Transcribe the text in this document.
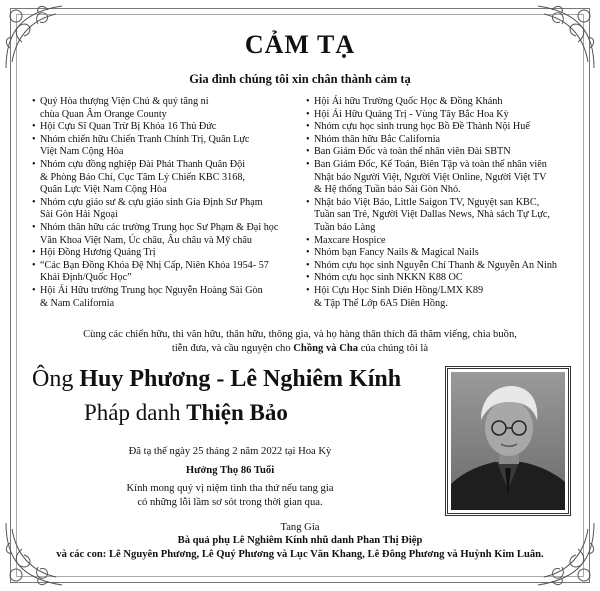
CẢM TẠ
Gia đình chúng tôi xin chân thành cảm tạ
• Quý Hòa thượng Viện Chủ & quý tăng ni
chùa Quan Âm Orange County
• Hội Cựu Sĩ Quan Trừ Bị Khóa 16 Thủ Đức
• Nhóm chiến hữu Chiến Tranh Chính Trị, Quân Lực
Việt Nam Cộng Hòa
• Nhóm cựu đồng nghiệp Đài Phát Thanh Quân Đội
& Phòng Báo Chí, Cục Tâm Lý Chiến KBC 3168,
Quân Lực Việt Nam Cộng Hòa
• Nhóm cựu giáo sư & cựu giáo sinh Gia Định Sư Phạm
Sài Gòn Hải Ngoại
• Nhóm thân hữu các trường Trung học Sư Phạm & Đại học
Văn Khoa Việt Nam, Úc châu, Âu châu và Mỹ châu
• Hội Đồng Hương Quảng Trị
• “Các Bạn Đồng Khóa Đệ Nhị Cấp, Niên Khóa 1954- 57
Khải Định/Quốc Học”
• Hội Ái Hữu trường Trung học Nguyễn Hoàng Sài Gòn
& Nam California
• Hội Ái hữu Trường Quốc Học & Đồng Khánh
• Hội Ái Hữu Quảng Trị - Vùng Tây Bắc Hoa Kỳ
• Nhóm cựu học sinh trung học Bồ Đề Thành Nội Huế
• Nhóm thân hữu Bắc California
• Ban Giám Đốc và toàn thể nhân viên Đài SBTN
• Ban Giám Đốc, Kế Toán, Biên Tập và toàn thể nhân viên
Nhật báo Người Việt, Người Việt Online, Người Việt TV
& Hệ thống Tuần báo Sài Gòn Nhỏ.
• Nhật báo Việt Báo, Little Saigon TV, Nguyệt san KBC,
Tuần san Trẻ, Người Việt Dallas News, Nhà sách Tự Lực,
Tuần báo Làng
• Maxcare Hospice
• Nhóm bạn Fancy Nails & Magical Nails
• Nhóm cựu học sinh Nguyễn Chí Thanh & Nguyễn An Ninh
• Nhóm cựu học sinh NKKN K88 OC
• Hội Cựu Học Sinh Diên Hồng/LMX K89
& Tập Thể Lớp 6A5 Diên Hồng.
Cùng các chiến hữu, thi văn hữu, thân hữu, thông gia, và họ hàng thân thích đã thăm viếng, chia buồn,
tiễn đưa, và cầu nguyện cho Chồng và Cha của chúng tôi là
Ông Huy Phương - Lê Nghiêm Kính
Pháp danh Thiện Bảo
Đã tạ thế ngày 25 tháng 2 năm 2022 tại Hoa Kỳ
Hưởng Thọ 86 Tuổi
Kính mong quý vị niệm tình tha thứ nếu tang gia
có những lỗi lầm sơ sót trong thời gian qua.
Tang Gia
Bà quả phụ Lê Nghiêm Kính nhũ danh Phan Thị Điệp
và các con: Lê Nguyên Phương, Lê Quý Phương và Lục Văn Khang, Lê Đông Phương và Huỳnh Kim Luân.
